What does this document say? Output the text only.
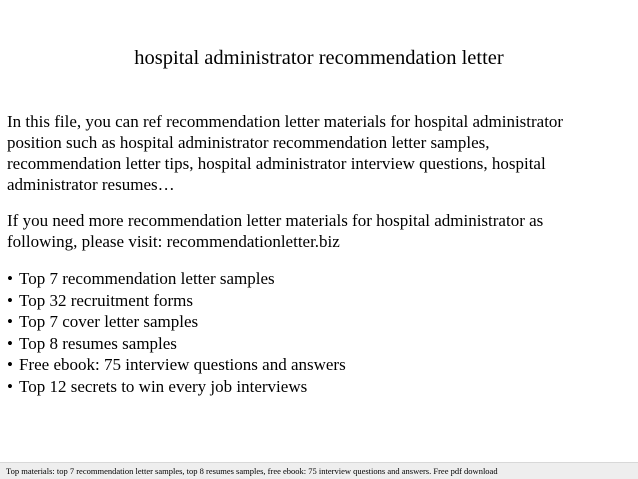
hospital administrator recommendation letter

In this file, you can ref recommendation letter materials for hospital administrator

position such as hospital administrator recommendation letter samples,

recommendation letter tips, hospital administrator interview questions, hospital

administrator resumes…

If you need more recommendation letter materials for hospital administrator as

following, please visit: recommendationletter.biz

• Top 7 recommendation letter samples
• Top 32 recruitment forms
• Top 7 cover letter samples
• Top 8 resumes samples
• Free ebook: 75 interview questions and answers
• Top 12 secrets to win every job interviews
Top materials: top 7 recommendation letter samples, top 8 resumes samples, free ebook: 75 interview questions and answers. Free pdf download
